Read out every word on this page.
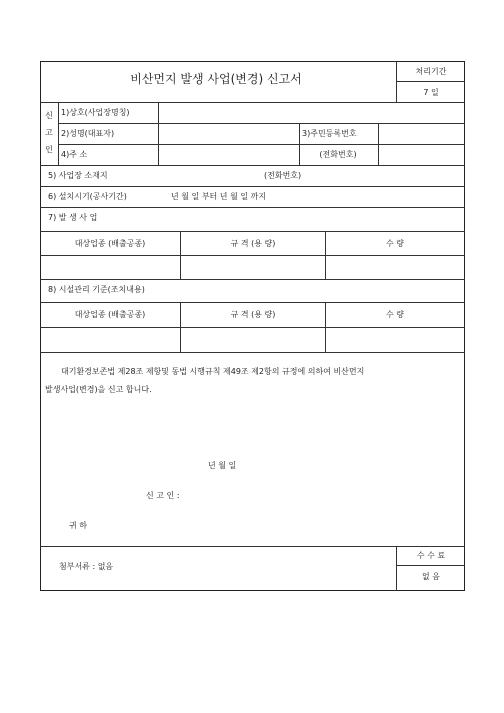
비산먼지 발생 사업(변경) 신고서
처리기간
7 일
신
고
인
1)상호(사업장명칭)
2)성명(대표자)	3)주민등록번호
4)주 소	(전화번호)
5) 사업장 소재지	(전화번호)
6) 설치시기(공사기간)	년 월 일 부터 년 월 일 까지
7) 발 생 사 업
대상업종 (배출공종)	규 격 (용 량)	수 량
8) 시설관리 기준(조치내용)
대상업종 (배출공종)	규 격 (용 량)	수 량
대기환경보존법 제28조 제항및 동법 시행규칙 제49조 제2항의 규정에 의하여 비산먼지
발생사업(변경)을 신고 합니다.
년 월 일
신 고 인 :
귀 하
첨부서류 : 없음
수 수 료
없 음
